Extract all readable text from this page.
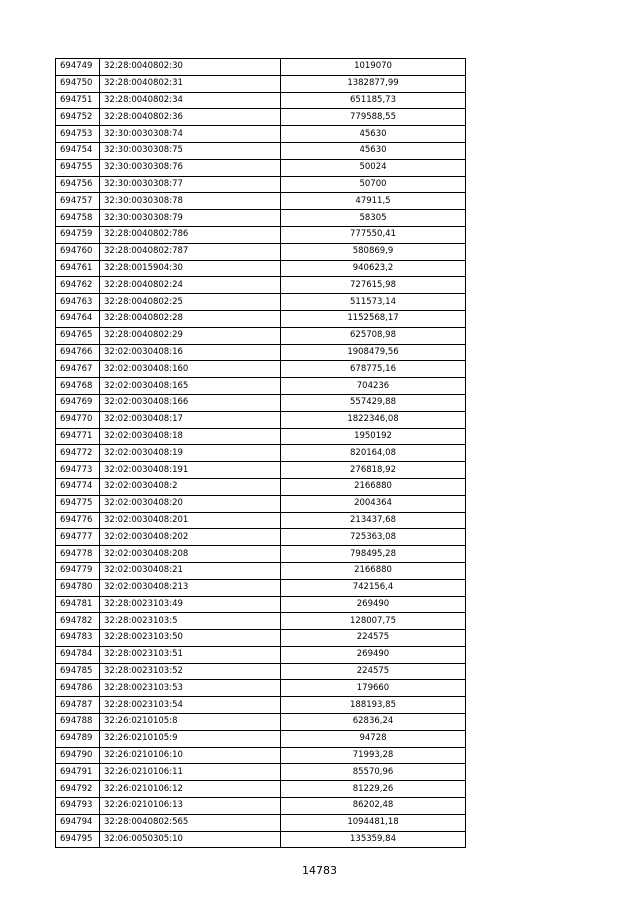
694749	32:28:0040802:30	1019070
694750	32:28:0040802:31	1382877,99
694751	32:28:0040802:34	651185,73
694752	32:28:0040802:36	779588,55
694753	32:30:0030308:74	45630
694754	32:30:0030308:75	45630
694755	32:30:0030308:76	50024
694756	32:30:0030308:77	50700
694757	32:30:0030308:78	47911,5
694758	32:30:0030308:79	58305
694759	32:28:0040802:786	777550,41
694760	32:28:0040802:787	580869,9
694761	32:28:0015904:30	940623,2
694762	32:28:0040802:24	727615,98
694763	32:28:0040802:25	511573,14
694764	32:28:0040802:28	1152568,17
694765	32:28:0040802:29	625708,98
694766	32:02:0030408:16	1908479,56
694767	32:02:0030408:160	678775,16
694768	32:02:0030408:165	704236
694769	32:02:0030408:166	557429,88
694770	32:02:0030408:17	1822346,08
694771	32:02:0030408:18	1950192
694772	32:02:0030408:19	820164,08
694773	32:02:0030408:191	276818,92
694774	32:02:0030408:2	2166880
694775	32:02:0030408:20	2004364
694776	32:02:0030408:201	213437,68
694777	32:02:0030408:202	725363,08
694778	32:02:0030408:208	798495,28
694779	32:02:0030408:21	2166880
694780	32:02:0030408:213	742156,4
694781	32:28:0023103:49	269490
694782	32:28:0023103:5	128007,75
694783	32:28:0023103:50	224575
694784	32:28:0023103:51	269490
694785	32:28:0023103:52	224575
694786	32:28:0023103:53	179660
694787	32:28:0023103:54	188193,85
694788	32:26:0210105:8	62836,24
694789	32:26:0210105:9	94728
694790	32:26:0210106:10	71993,28
694791	32:26:0210106:11	85570,96
694792	32:26:0210106:12	81229,26
694793	32:26:0210106:13	86202,48
694794	32:28:0040802:565	1094481,18
694795	32:06:0050305:10	135359,84
14783
